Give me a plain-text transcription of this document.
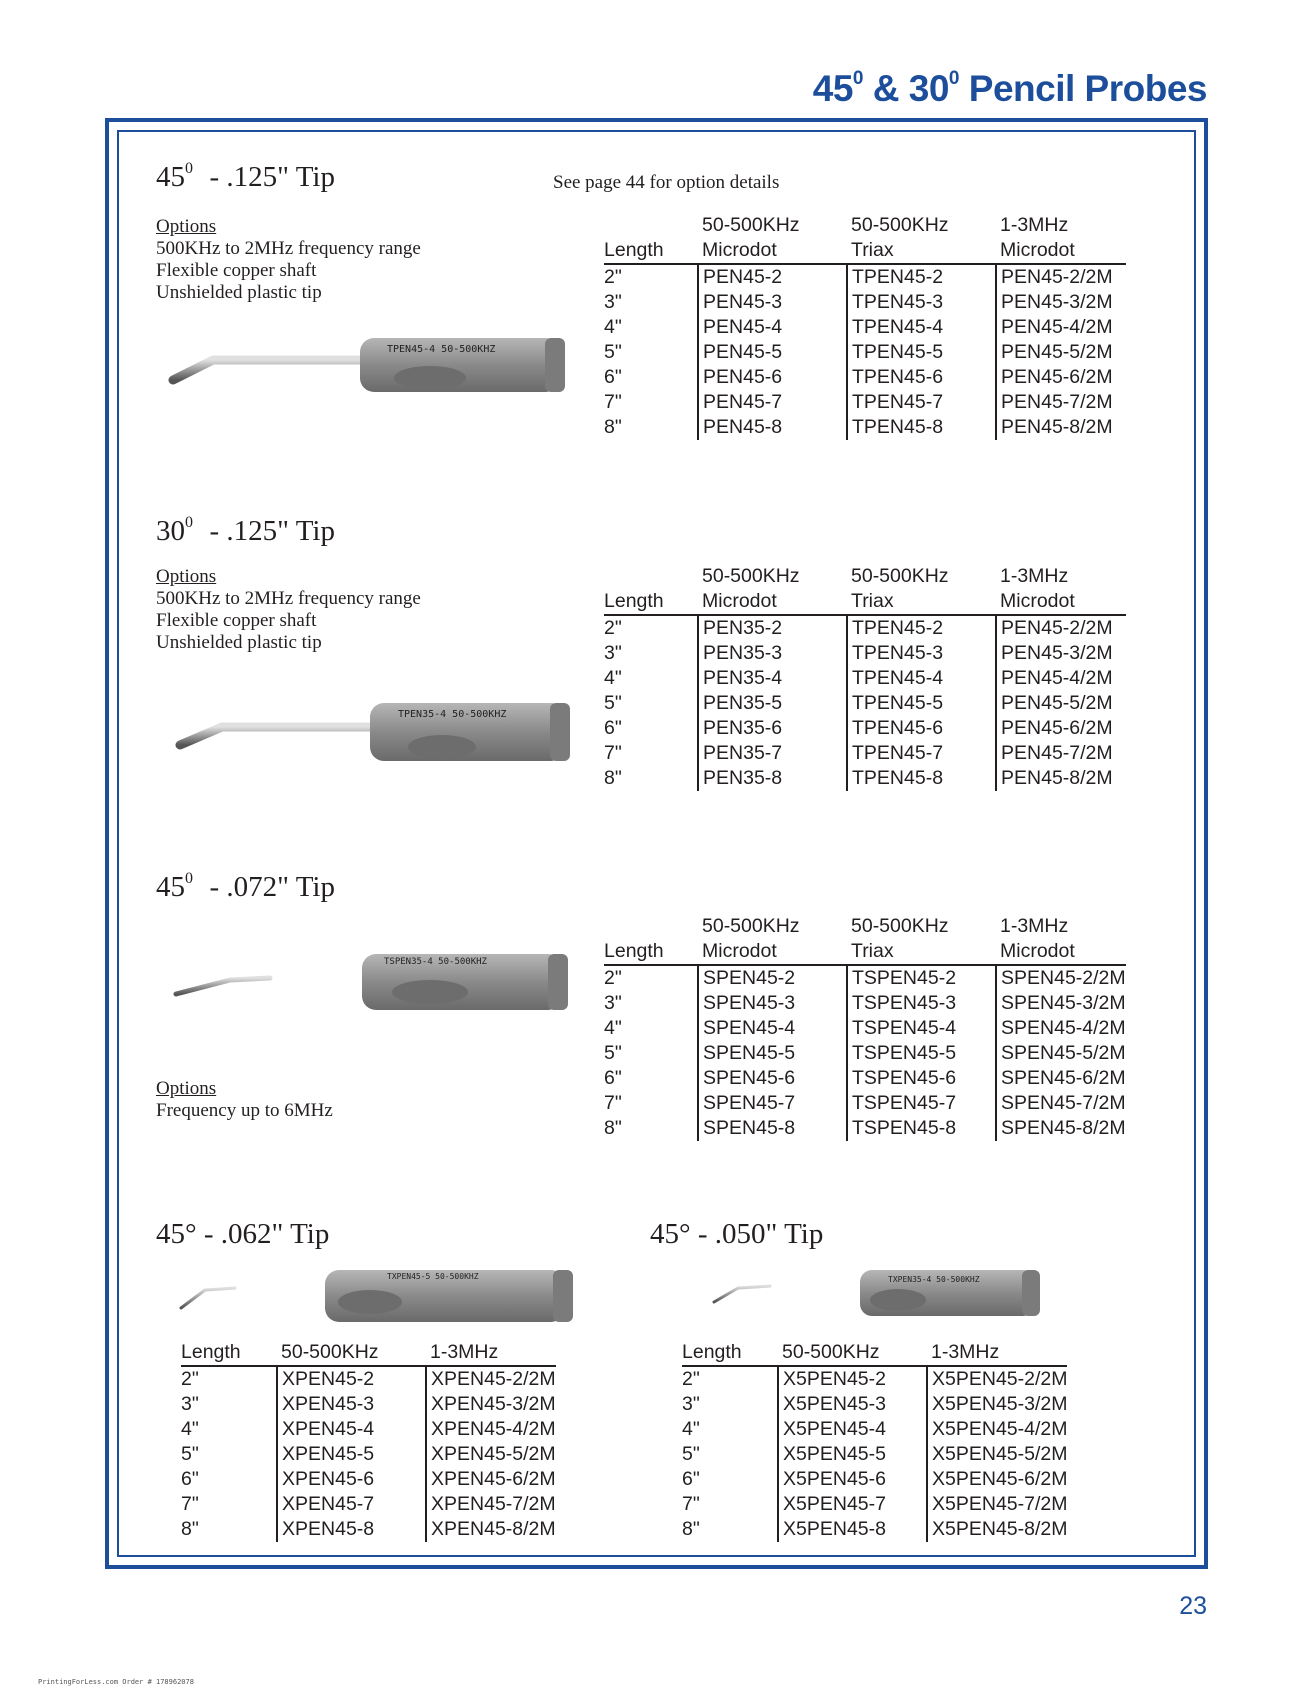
$45^0$ & $30^0$ Pencil Probes
$45^0 - .125$" Tip	See page 44 for option details
Options
500KHz to 2MHz frequency range
Flexible copper shaft
Unshielded plastic tip
TPEN45-4 50-500KHZ
	50-500KHz	50-500KHz	1-3MHz
Length	Microdot	Triax	Microdot
2"	PEN45-2	TPEN45-2	PEN45-2/2M
3"	PEN45-3	TPEN45-3	PEN45-3/2M
4"	PEN45-4	TPEN45-4	PEN45-4/2M
5"	PEN45-5	TPEN45-5	PEN45-5/2M
6"	PEN45-6	TPEN45-6	PEN45-6/2M
7"	PEN45-7	TPEN45-7	PEN45-7/2M
8"	PEN45-8	TPEN45-8	PEN45-8/2M
$30^0 - .125$" Tip
Options
500KHz to 2MHz frequency range
Flexible copper shaft
Unshielded plastic tip
TPEN35-4 50-500KHZ
	50-500KHz	50-500KHz	1-3MHz
Length	Microdot	Triax	Microdot
2"	PEN35-2	TPEN45-2	PEN45-2/2M
3"	PEN35-3	TPEN45-3	PEN45-3/2M
4"	PEN35-4	TPEN45-4	PEN45-4/2M
5"	PEN35-5	TPEN45-5	PEN45-5/2M
6"	PEN35-6	TPEN45-6	PEN45-6/2M
7"	PEN35-7	TPEN45-7	PEN45-7/2M
8"	PEN35-8	TPEN45-8	PEN45-8/2M
$45^0 - .072$" Tip
TSPEN35-4 50-500KHZ
Options
Frequency up to 6MHz
	50-500KHz	50-500KHz	1-3MHz
Length	Microdot	Triax	Microdot
2"	SPEN45-2	TSPEN45-2	SPEN45-2/2M
3"	SPEN45-3	TSPEN45-3	SPEN45-3/2M
4"	SPEN45-4	TSPEN45-4	SPEN45-4/2M
5"	SPEN45-5	TSPEN45-5	SPEN45-5/2M
6"	SPEN45-6	TSPEN45-6	SPEN45-6/2M
7"	SPEN45-7	TSPEN45-7	SPEN45-7/2M
8"	SPEN45-8	TSPEN45-8	SPEN45-8/2M
45° - .062" Tip
TXPEN45-5 50-500KHZ
Length	50-500KHz	1-3MHz
2"	XPEN45-2	XPEN45-2/2M
3"	XPEN45-3	XPEN45-3/2M
4"	XPEN45-4	XPEN45-4/2M
5"	XPEN45-5	XPEN45-5/2M
6"	XPEN45-6	XPEN45-6/2M
7"	XPEN45-7	XPEN45-7/2M
8"	XPEN45-8	XPEN45-8/2M
45° - .050" Tip
TXPEN35-4 50-500KHZ
Length	50-500KHz	1-3MHz
2"	X5PEN45-2	X5PEN45-2/2M
3"	X5PEN45-3	X5PEN45-3/2M
4"	X5PEN45-4	X5PEN45-4/2M
5"	X5PEN45-5	X5PEN45-5/2M
6"	X5PEN45-6	X5PEN45-6/2M
7"	X5PEN45-7	X5PEN45-7/2M
8"	X5PEN45-8	X5PEN45-8/2M
23
PrintingForLess.com Order # 178962078
